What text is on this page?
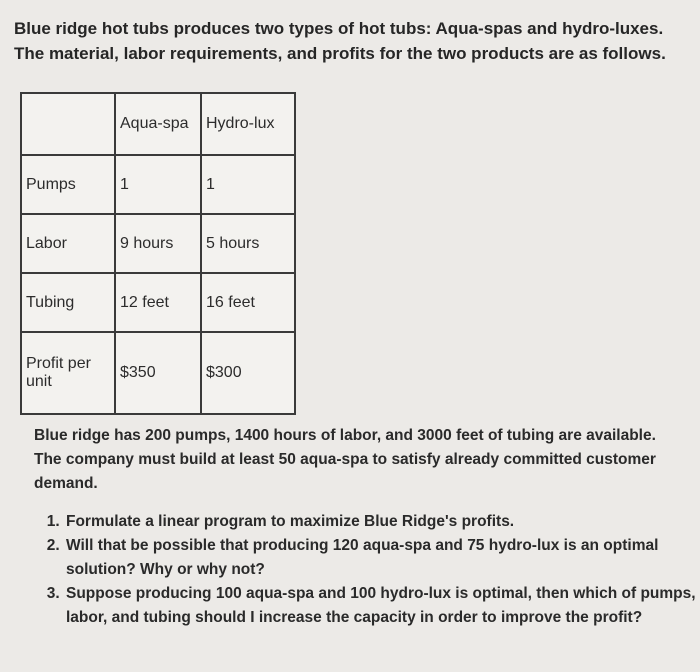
Blue ridge hot tubs produces two types of hot tubs: Aqua-spas and hydro-luxes. The material, labor requirements, and profits for the two products are as follows.

	Aqua-spa	Hydro-lux
Pumps	1	1
Labor	9 hours	5 hours
Tubing	12 feet	16 feet
Profit per unit	$350	$300

Blue ridge has 200 pumps, 1400 hours of labor, and 3000 feet of tubing are available. The company must build at least 50 aqua-spa to satisfy already committed customer demand.

1. Formulate a linear program to maximize Blue Ridge's profits.
2. Will that be possible that producing 120 aqua-spa and 75 hydro-lux is an optimal solution? Why or why not?
3. Suppose producing 100 aqua-spa and 100 hydro-lux is optimal, then which of pumps, labor, and tubing should I increase the capacity in order to improve the profit?
